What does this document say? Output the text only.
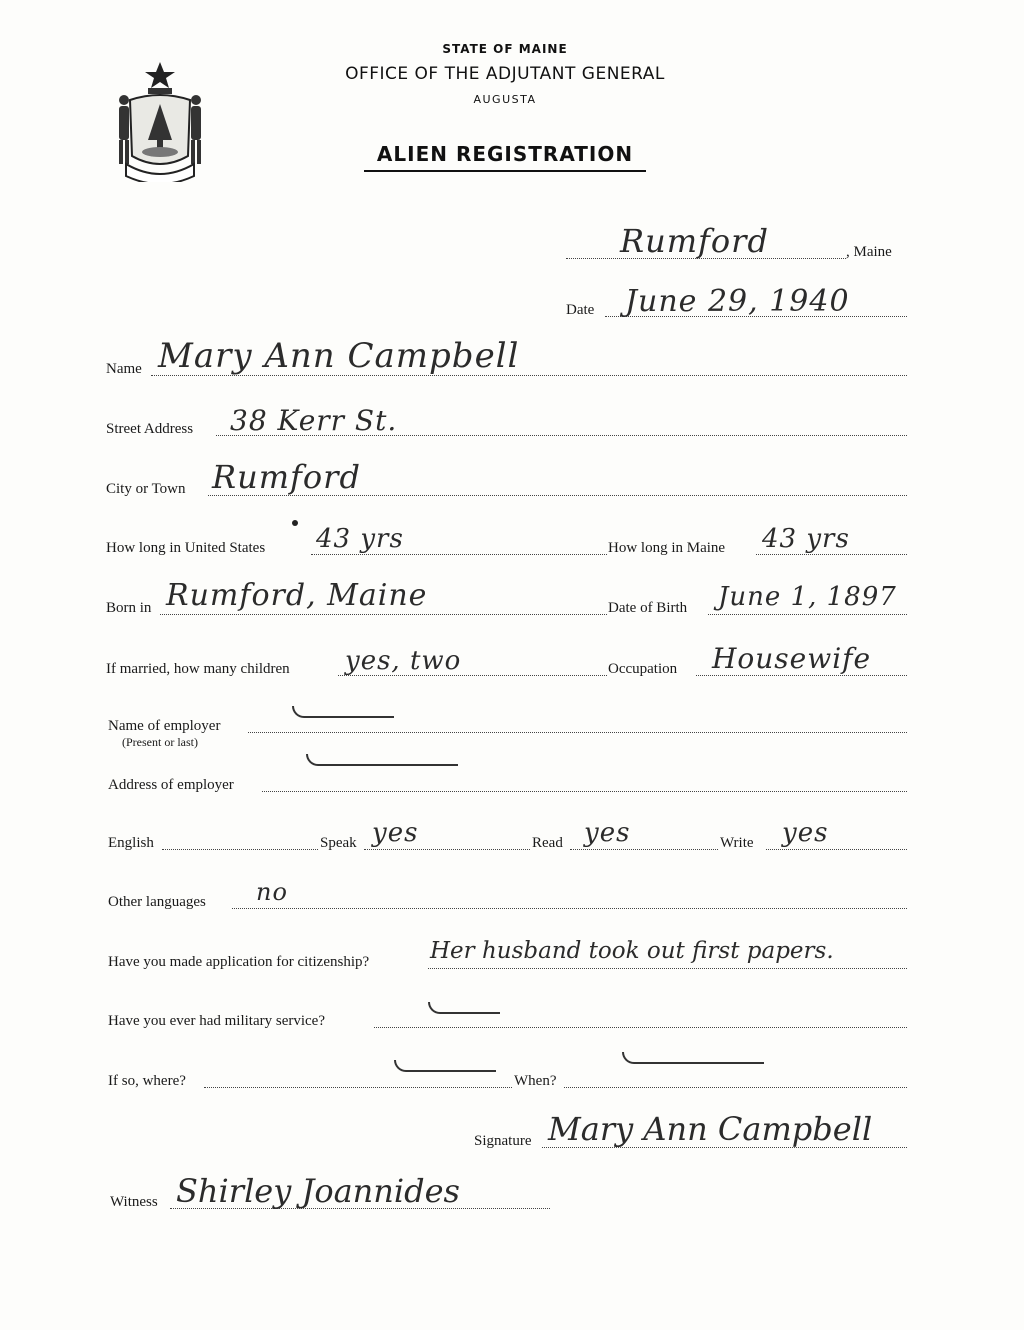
STATE OF MAINE
OFFICE OF THE ADJUTANT GENERAL
AUGUSTA
ALIEN REGISTRATION
Rumford	, Maine
Date June 29, 1940
Name Mary Ann Campbell
Street Address 38 Kerr St.
City or Town Rumford
How long in United States 43 yrs	How long in Maine 43 yrs
Born in Rumford, Maine	Date of Birth June 1, 1897
If married, how many children yes, two	Occupation Housewife
Name of employer
(Present or last)
Address of employer
English	Speak yes	Read yes	Write yes
Other languages no
Have you made application for citizenship?	Her husband took out first papers.
Have you ever had military service?
If so, where?	When?
Signature Mary Ann Campbell
Witness Shirley Joannides
